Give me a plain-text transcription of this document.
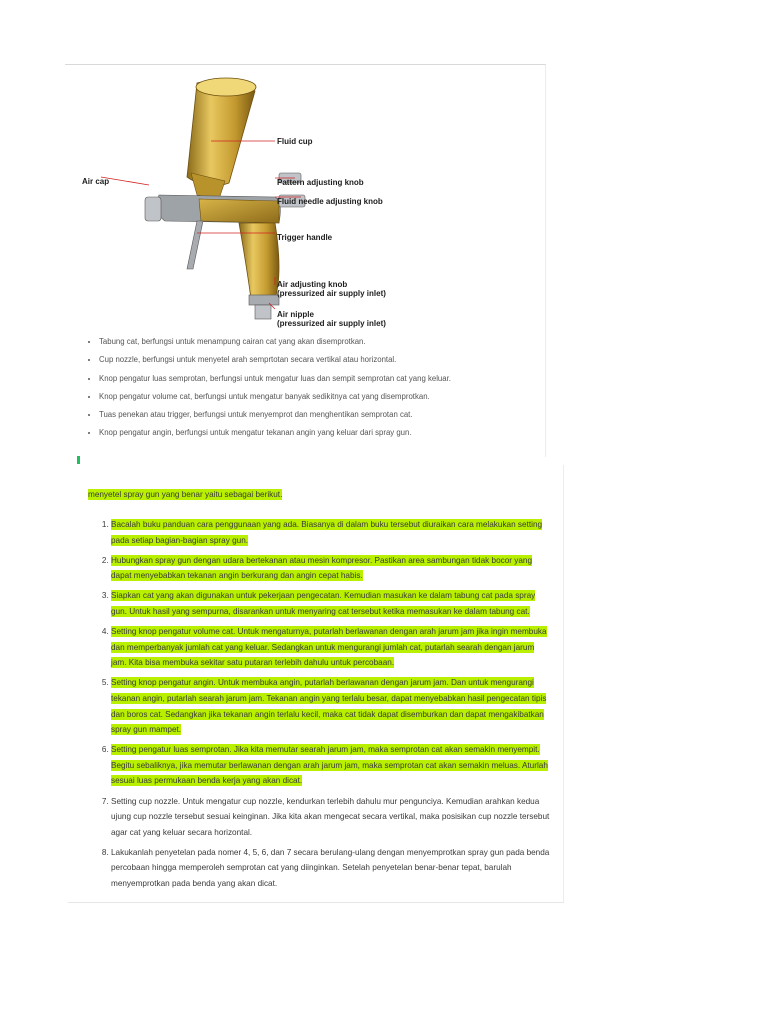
Fluid cup
Air cap	Pattern adjusting knob
Fluid needle adjusting knob
Trigger handle
Air adjusting knob
(pressurized air supply inlet)
Air nipple
(pressurized air supply inlet)
• Tabung cat, berfungsi untuk menampung cairan cat yang akan disemprotkan.
• Cup nozzle, berfungsi untuk menyetel arah semprtotan secara vertikal atau horizontal.
• Knop pengatur luas semprotan, berfungsi untuk mengatur luas dan sempit semprotan cat yang keluar.
• Knop pengatur volume cat, berfungsi untuk mengatur banyak sedikitnya cat yang disemprotkan.
• Tuas penekan atau trigger, berfungsi untuk menyemprot dan menghentikan semprotan cat.
• Knop pengatur angin, berfungsi untuk mengatur tekanan angin yang keluar dari spray gun.
menyetel spray gun yang benar yaitu sebagai berikut.
1. Bacalah buku panduan cara penggunaan yang ada. Biasanya di dalam buku tersebut diuraikan cara melakukan setting pada setiap bagian-bagian spray gun.
2. Hubungkan spray gun dengan udara bertekanan atau mesin kompresor. Pastikan area sambungan tidak bocor yang dapat menyebabkan tekanan angin berkurang dan angin cepat habis.
3. Siapkan cat yang akan digunakan untuk pekerjaan pengecatan. Kemudian masukan ke dalam tabung cat pada spray gun. Untuk hasil yang sempurna, disarankan untuk menyaring cat tersebut ketika memasukan ke dalam tabung cat.
4. Setting knop pengatur volume cat. Untuk mengaturnya, putarlah berlawanan dengan arah jarum jam jika ingin membuka dan memperbanyak jumlah cat yang keluar. Sedangkan untuk mengurangi jumlah cat, putarlah searah dengan jarum jam. Kita bisa membuka sekitar satu putaran terlebih dahulu untuk percobaan.
5. Setting knop pengatur angin. Untuk membuka angin, putarlah berlawanan dengan jarum jam. Dan untuk mengurangi tekanan angin, putarlah searah jarum jam. Tekanan angin yang terlalu besar, dapat menyebabkan hasil pengecatan tipis dan boros cat. Sedangkan jika tekanan angin terlalu kecil, maka cat tidak dapat disemburkan dan dapat mengakibatkan spray gun mampet.
6. Setting pengatur luas semprotan. Jika kita memutar searah jarum jam, maka semprotan cat akan semakin menyempit. Begitu sebaliknya, jika memutar berlawanan dengan arah jarum jam, maka semprotan cat akan semakin meluas. Aturlah sesuai luas permukaan benda kerja yang akan dicat.
7. Setting cup nozzle. Untuk mengatur cup nozzle, kendurkan terlebih dahulu mur pengunciya. Kemudian arahkan kedua ujung cup nozzle tersebut sesuai keinginan. Jika kita akan mengecat secara vertikal, maka posisikan cup nozzle tersebut agar cat yang keluar secara horizontal.
8. Lakukanlah penyetelan pada nomer 4, 5, 6, dan 7 secara berulang-ulang dengan menyemprotkan spray gun pada benda percobaan hingga memperoleh semprotan cat yang diinginkan. Setelah penyetelan benar-benar tepat, barulah menyemprotkan pada benda yang akan dicat.
